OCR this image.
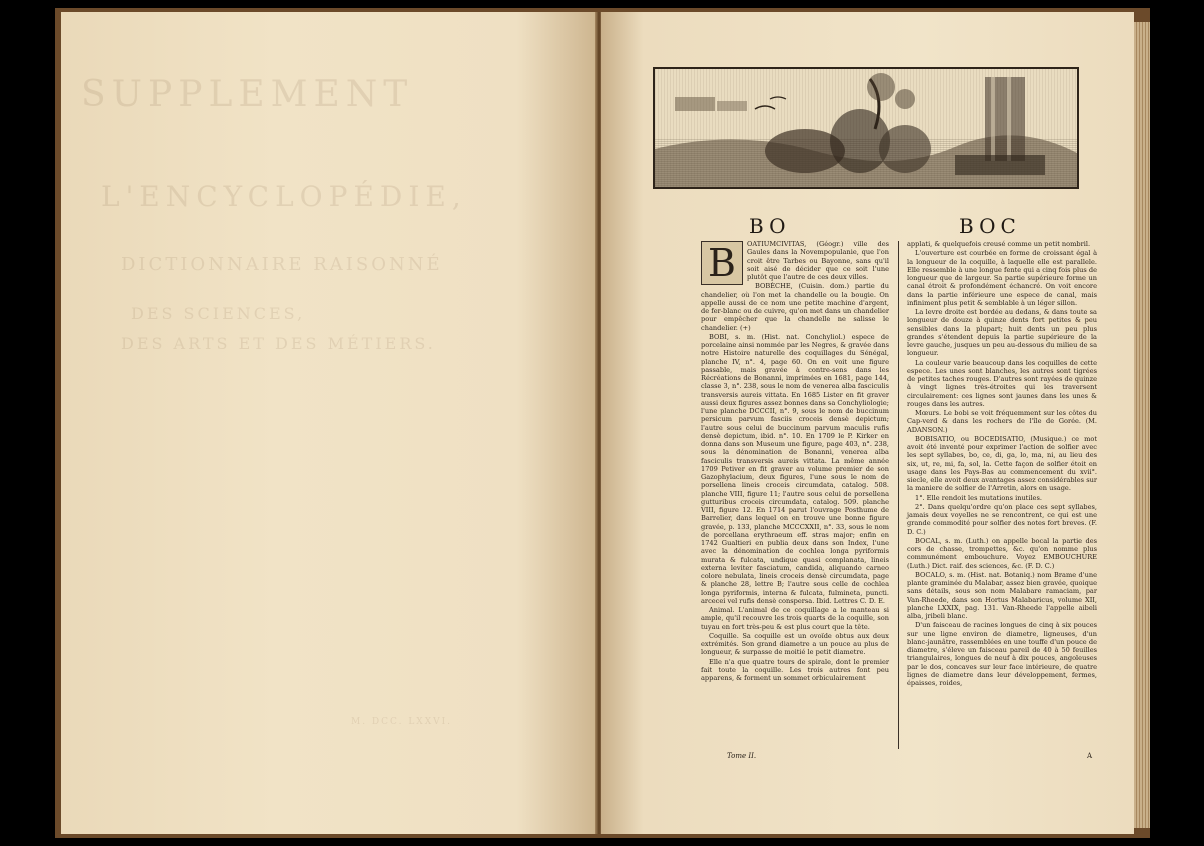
SUPPLEMENT
L'ENCYCLOPÉDIE,
DICTIONNAIRE RAISONNÉ
DES SCIENCES,
DES ARTS ET DES MÉTIERS.
M. DCC. LXXVI.
BO	BOC
B	OATIUMCIVITAS, (Géogr.) ville des Gaules dans la Novempopulanie, que l'on croit être Tarbes ou Bayonne, sans qu'il soit aisé de décider que ce soit l'une plutôt que l'autre de ces deux villes.

BOBÈCHE, (Cuisin. dom.) partie du chandelier, où l'on met la chandelle ou la bougie. On appelle aussi de ce nom une petite machine d'argent, de fer-blanc ou de cuivre, qu'on met dans un chandelier pour empêcher que la chandelle ne salisse le chandelier. (+)

BOBI, s. m. (Hist. nat. Conchyliol.) espece de porcelaine ainsi nommée par les Negres, & gravée dans notre Histoire naturelle des coquillages du Sénégal, planche IV, n°. 4, page 60. On en voit une figure passable, mais gravée à contre-sens dans les Récréations de Bonanni, imprimées en 1681, page 144, classe 3, n°. 238, sous le nom de venerea alba fasciculis transversis aureis vittata. En 1685 Lister en fit graver aussi deux figures assez bonnes dans sa Conchyliologie; l'une planche DCCCII, n°. 9, sous le nom de buccinum persicum parvum fasciis croceis densè depictum; l'autre sous celui de buccinum parvum maculis rufis densè depictum, ibid. n°. 10. En 1709 le P. Kirker en donna dans son Museum une figure, page 403, n°. 238, sous la dénomination de Bonanni, venerea alba fasciculis transversis aureis vittata. La même année 1709 Petiver en fit graver au volume premier de son Gazophylacium, deux figures, l'une sous le nom de porsellena lineis croceis circumdata, catalog. 508. planche VIII, figure 11; l'autre sous celui de porsellena gutturibus croceis circumdata, catalog. 509. planche VIII, figure 12. En 1714 parut l'ouvrage Posthume de Barrelier, dans lequel on en trouve une bonne figure gravée, p. 133, planche MCCCXXII, n°. 33, sous le nom de porcellana erythraeum eff. stras major; enfin en 1742 Gualtieri en publia deux dans son Index, l'une avec la dénomination de cochlea longa pyriformis murata & fulcata, undique quasi complanata, lineis externa leviter fasciatum, candida, aliquando carneo colore nebulata, lineis croceis densè circumdata, page & planche 28, lettre B; l'autre sous celle de cochlea longa pyriformis, interna & fulcata, fulmineta, puncti. arcecei vel rufis densè conspersa. Ibid. Lettres C. D. E.

Animal. L'animal de ce coquillage a le manteau si ample, qu'il recouvre les trois quarts de la coquille, son tuyau en fort très-peu & est plus court que la tête.

Coquille. Sa coquille est un ovoïde obtus aux deux extrémités. Son grand diametre a un pouce au plus de longueur, & surpasse de moitié le petit diametre.

Elle n'a que quatre tours de spirale, dont le premier fait toute la coquille. Les trois autres font peu apparens, & forment un sommet orbiculairement

applati, & quelquefois creusé comme un petit nombril.

L'ouverture est courbée en forme de croissant égal à la longueur de la coquille, à laquelle elle est parallele. Elle ressemble à une longue fente qui a cinq fois plus de longueur que de largeur. Sa partie supérieure forme un canal étroit & profondément échancré. On voit encore dans la partie inférieure une espece de canal, mais infiniment plus petit & semblable à un léger sillon.

La levre droite est bordée au dedans, & dans toute sa longueur de douze à quinze dents fort petites & peu sensibles dans la plupart; huit dents un peu plus grandes s'étendent depuis la partie supérieure de la levre gauche, jusques un peu au-dessous du milieu de sa longueur.

La couleur varie beaucoup dans les coquilles de cette espece. Les unes sont blanches, les autres sont tigrées de petites taches rouges. D'autres sont rayées de quinze à vingt lignes très-étroites qui les traversent circulairement: ces lignes sont jaunes dans les unes & rouges dans les autres.

Mœurs. Le bobi se voit fréquemment sur les côtes du Cap-verd & dans les rochers de l'île de Gorée. (M. ADANSON.)

BOBISATIO, ou BOCEDISATIO, (Musique.) ce mot avoit été inventé pour exprimer l'action de solfier avec les sept syllabes, bo, ce, di, ga, lo, ma, ni, au lieu des six, ut, re, mi, fa, sol, la. Cette façon de solfier étoit en usage dans les Pays-Bas au commencement du xvii°. siecle, elle avoit deux avantages assez considérables sur la maniere de solfier de l'Arretin, alors en usage.

1°. Elle rendoit les mutations inutiles.

2°. Dans quelqu'ordre qu'on place ces sept syllabes, jamais deux voyelles ne se rencontrent, ce qui est une grande commodité pour solfier des notes fort breves. (F. D. C.)

BOCAL, s. m. (Luth.) on appelle bocal la partie des cors de chasse, trompettes, &c. qu'on nomme plus communément embouchure. Voyez EMBOUCHURE (Luth.) Dict. raif. des sciences, &c. (F. D. C.)

BOCALO, s. m. (Hist. nat. Botaniq.) nom Brame d'une plante graminée du Malabar, assez bien gravée, quoique sans détails, sous son nom Malabare ramaciam, par Van-Rheede, dans son Hortus Malabaricus, volume XII, planche LXXIX, pag. 131. Van-Rheede l'appelle aibeli alba, jribeli blanc.

D'un faisceau de racines longues de cinq à six pouces sur une ligne environ de diametre, ligneuses, d'un blanc-jaunâtre, rassemblées en une touffe d'un pouce de diametre, s'éleve un faisceau pareil de 40 à 50 feuilles triangulaires, longues de neuf à dix pouces, angoleuses par le dos, concaves sur leur face intérieure, de quatre lignes de diametre dans leur développement, fermes, épaisses, roides,

Tome II.	A
